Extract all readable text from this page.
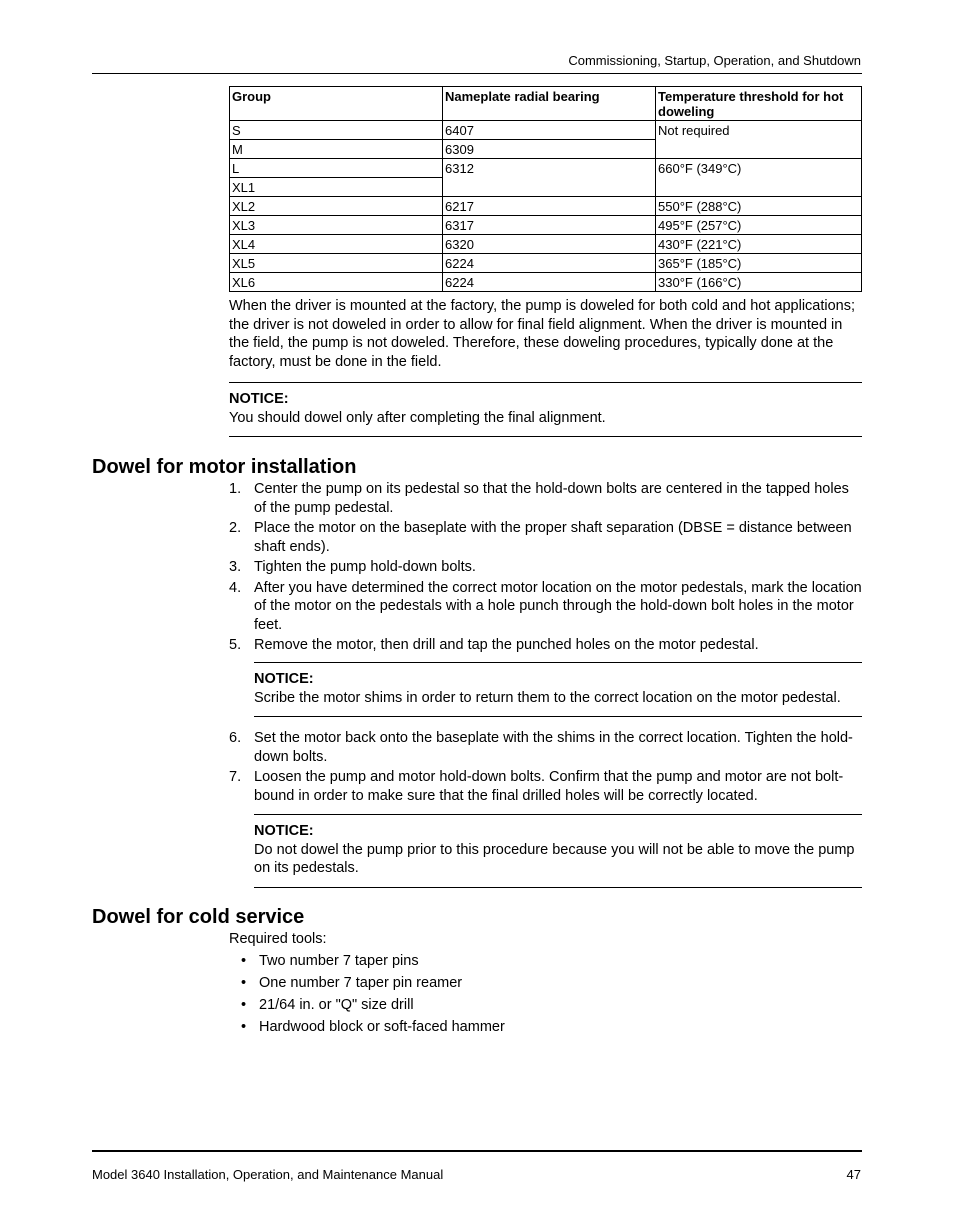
Commissioning, Startup, Operation, and Shutdown
Group	Nameplate radial bearing	Temperature threshold for hot doweling
S	6407	Not required
M	6309	
L	6312	660°F (349°C)
XL1		
XL2	6217	550°F (288°C)
XL3	6317	495°F (257°C)
XL4	6320	430°F (221°C)
XL5	6224	365°F (185°C)
XL6	6224	330°F (166°C)
When the driver is mounted at the factory, the pump is doweled for both cold and hot applications; the driver is not doweled in order to allow for final field alignment. When the driver is mounted in the field, the pump is not doweled. Therefore, these doweling procedures, typically done at the factory, must be done in the field.
NOTICE:
You should dowel only after completing the final alignment.
Dowel for motor installation
1. Center the pump on its pedestal so that the hold-down bolts are centered in the tapped holes of the pump pedestal.
2. Place the motor on the baseplate with the proper shaft separation (DBSE = distance between shaft ends).
3. Tighten the pump hold-down bolts.
4. After you have determined the correct motor location on the motor pedestals, mark the location of the motor on the pedestals with a hole punch through the hold-down bolt holes in the motor feet.
5. Remove the motor, then drill and tap the punched holes on the motor pedestal.
NOTICE:
Scribe the motor shims in order to return them to the correct location on the motor pedestal.
6. Set the motor back onto the baseplate with the shims in the correct location. Tighten the hold-down bolts.
7. Loosen the pump and motor hold-down bolts. Confirm that the pump and motor are not bolt-bound in order to make sure that the final drilled holes will be correctly located.
NOTICE:
Do not dowel the pump prior to this procedure because you will not be able to move the pump on its pedestals.
Dowel for cold service
Required tools:
• Two number 7 taper pins
• One number 7 taper pin reamer
• 21/64 in. or "Q" size drill
• Hardwood block or soft-faced hammer
Model 3640 Installation, Operation, and Maintenance Manual	47
